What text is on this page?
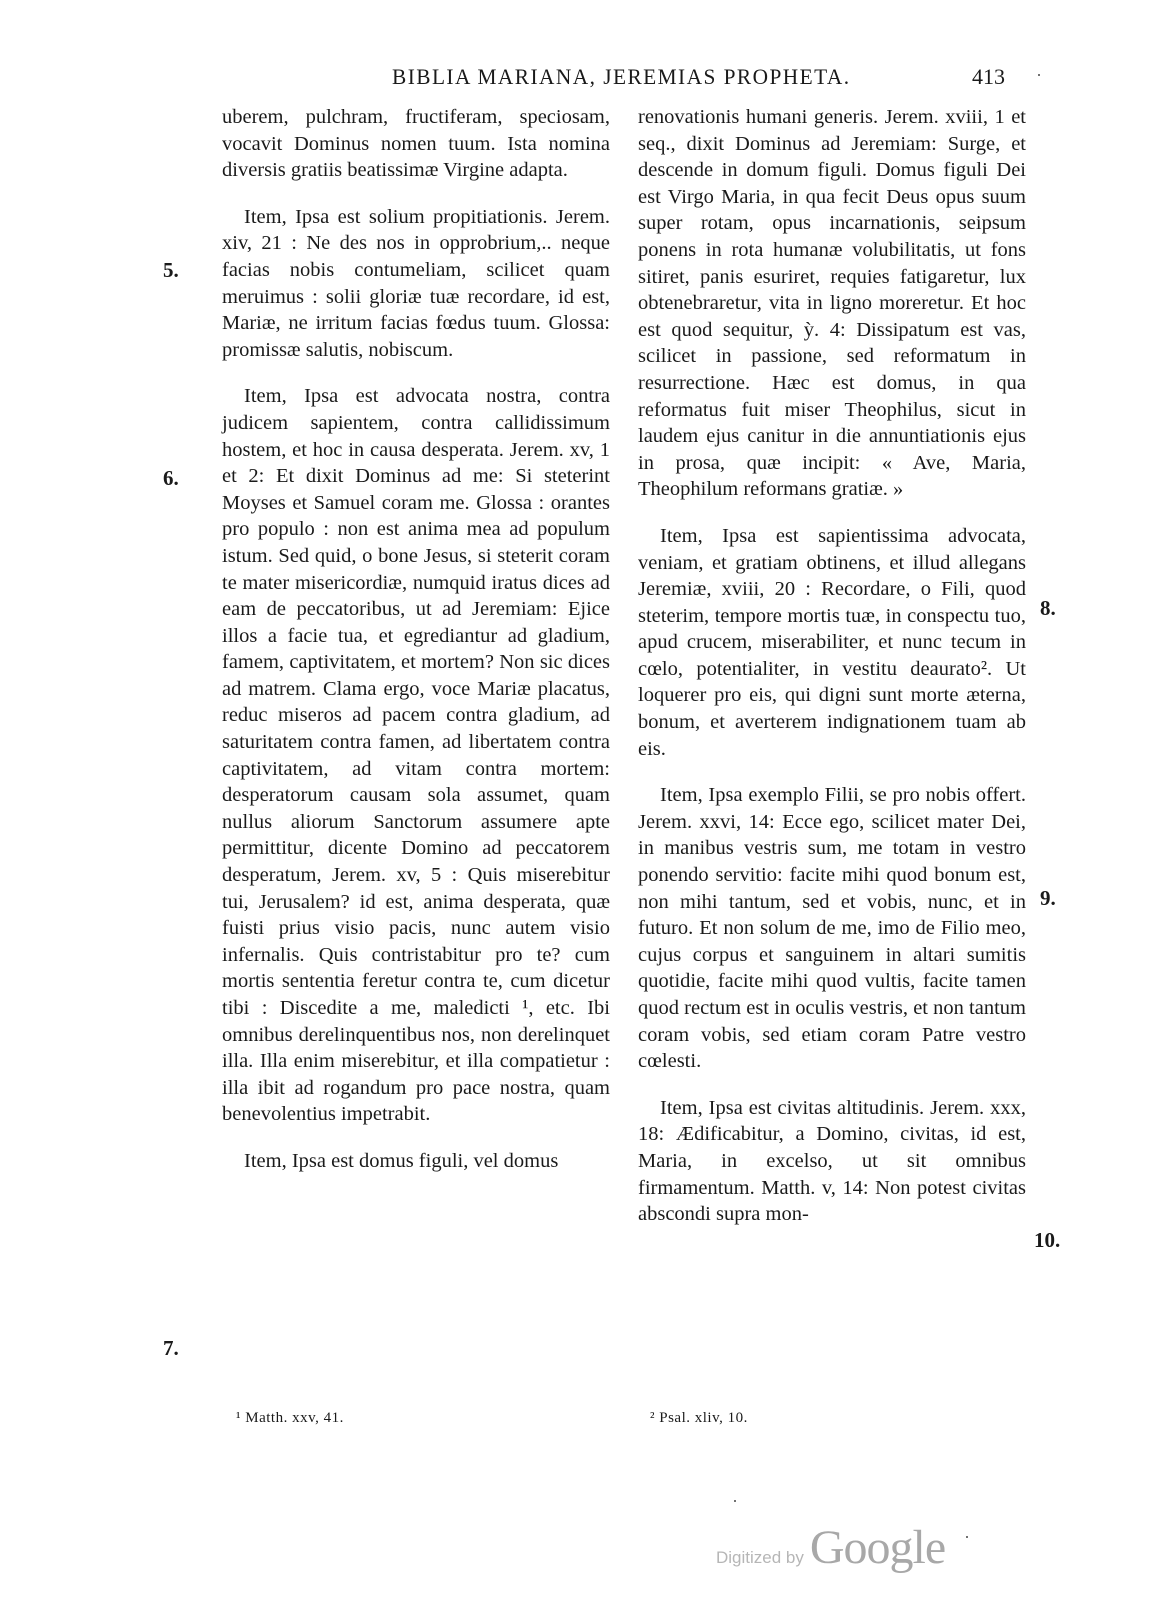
BIBLIA MARIANA, JEREMIAS PROPHETA.	413

uberem, pulchram, fructiferam, speciosam, vocavit Dominus nomen tuum. Ista nomina diversis gratiis beatissimæ Virgine adapta.

Item, Ipsa est solium propitiationis. Jerem. xiv, 21 : Ne des nos in opprobrium,.. neque facias nobis contumeliam, scilicet quam meruimus : solii gloriæ tuæ recordare, id est, Mariæ, ne irritum facias fœdus tuum. Glossa: promissæ salutis, nobiscum.

Item, Ipsa est advocata nostra, contra judicem sapientem, contra callidissimum hostem, et hoc in causa desperata. Jerem. xv, 1 et 2: Et dixit Dominus ad me: Si steterint Moyses et Samuel coram me. Glossa : orantes pro populo : non est anima mea ad populum istum. Sed quid, o bone Jesus, si steterit coram te mater misericordiæ, numquid iratus dices ad eam de peccatoribus, ut ad Jeremiam: Ejice illos a facie tua, et egrediantur ad gladium, famem, captivitatem, et mortem? Non sic dices ad matrem. Clama ergo, voce Mariæ placatus, reduc miseros ad pacem contra gladium, ad saturitatem contra famen, ad libertatem contra captivitatem, ad vitam contra mortem: desperatorum causam sola assumet, quam nullus aliorum Sanctorum assumere apte permittitur, dicente Domino ad peccatorem desperatum, Jerem. xv, 5 : Quis miserebitur tui, Jerusalem? id est, anima desperata, quæ fuisti prius visio pacis, nunc autem visio infernalis. Quis contristabitur pro te? cum mortis sententia feretur contra te, cum dicetur tibi : Discedite a me, maledicti ¹, etc. Ibi omnibus derelinquentibus nos, non derelinquet illa. Illa enim miserebitur, et illa compatietur : illa ibit ad rogandum pro pace nostra, quam benevolentius impetrabit.

Item, Ipsa est domus figuli, vel domus

renovationis humani generis. Jerem. xviii, 1 et seq., dixit Dominus ad Jeremiam: Surge, et descende in domum figuli. Domus figuli Dei est Virgo Maria, in qua fecit Deus opus suum super rotam, opus incarnationis, seipsum ponens in rota humanæ volubilitatis, ut fons sitiret, panis esuriret, requies fatigaretur, lux obtenebraretur, vita in ligno moreretur. Et hoc est quod sequitur, ỳ. 4: Dissipatum est vas, scilicet in passione, sed reformatum in resurrectione. Hæc est domus, in qua reformatus fuit miser Theophilus, sicut in laudem ejus canitur in die annuntiationis ejus in prosa, quæ incipit: « Ave, Maria, Theophilum reformans gratiæ. »

Item, Ipsa est sapientissima advocata, veniam, et gratiam obtinens, et illud allegans Jeremiæ, xviii, 20 : Recordare, o Fili, quod steterim, tempore mortis tuæ, in conspectu tuo, apud crucem, miserabiliter, et nunc tecum in cœlo, potentialiter, in vestitu deaurato². Ut loquerer pro eis, qui digni sunt morte æterna, bonum, et averterem indignationem tuam ab eis.

Item, Ipsa exemplo Filii, se pro nobis offert. Jerem. xxvi, 14: Ecce ego, scilicet mater Dei, in manibus vestris sum, me totam in vestro ponendo servitio: facite mihi quod bonum est, non mihi tantum, sed et vobis, nunc, et in futuro. Et non solum de me, imo de Filio meo, cujus corpus et sanguinem in altari sumitis quotidie, facite mihi quod vultis, facite tamen quod rectum est in oculis vestris, et non tantum coram vobis, sed etiam coram Patre vestro cœlesti.

Item, Ipsa est civitas altitudinis. Jerem. xxx, 18: Ædificabitur, a Domino, civitas, id est, Maria, in excelso, ut sit omnibus firmamentum. Matth. v, 14: Non potest civitas abscondi supra mon-

5.
6.
7.
8.
9.
10.
¹ Matth. xxv, 41.	² Psal. xliv, 10.
Digitized by Google
